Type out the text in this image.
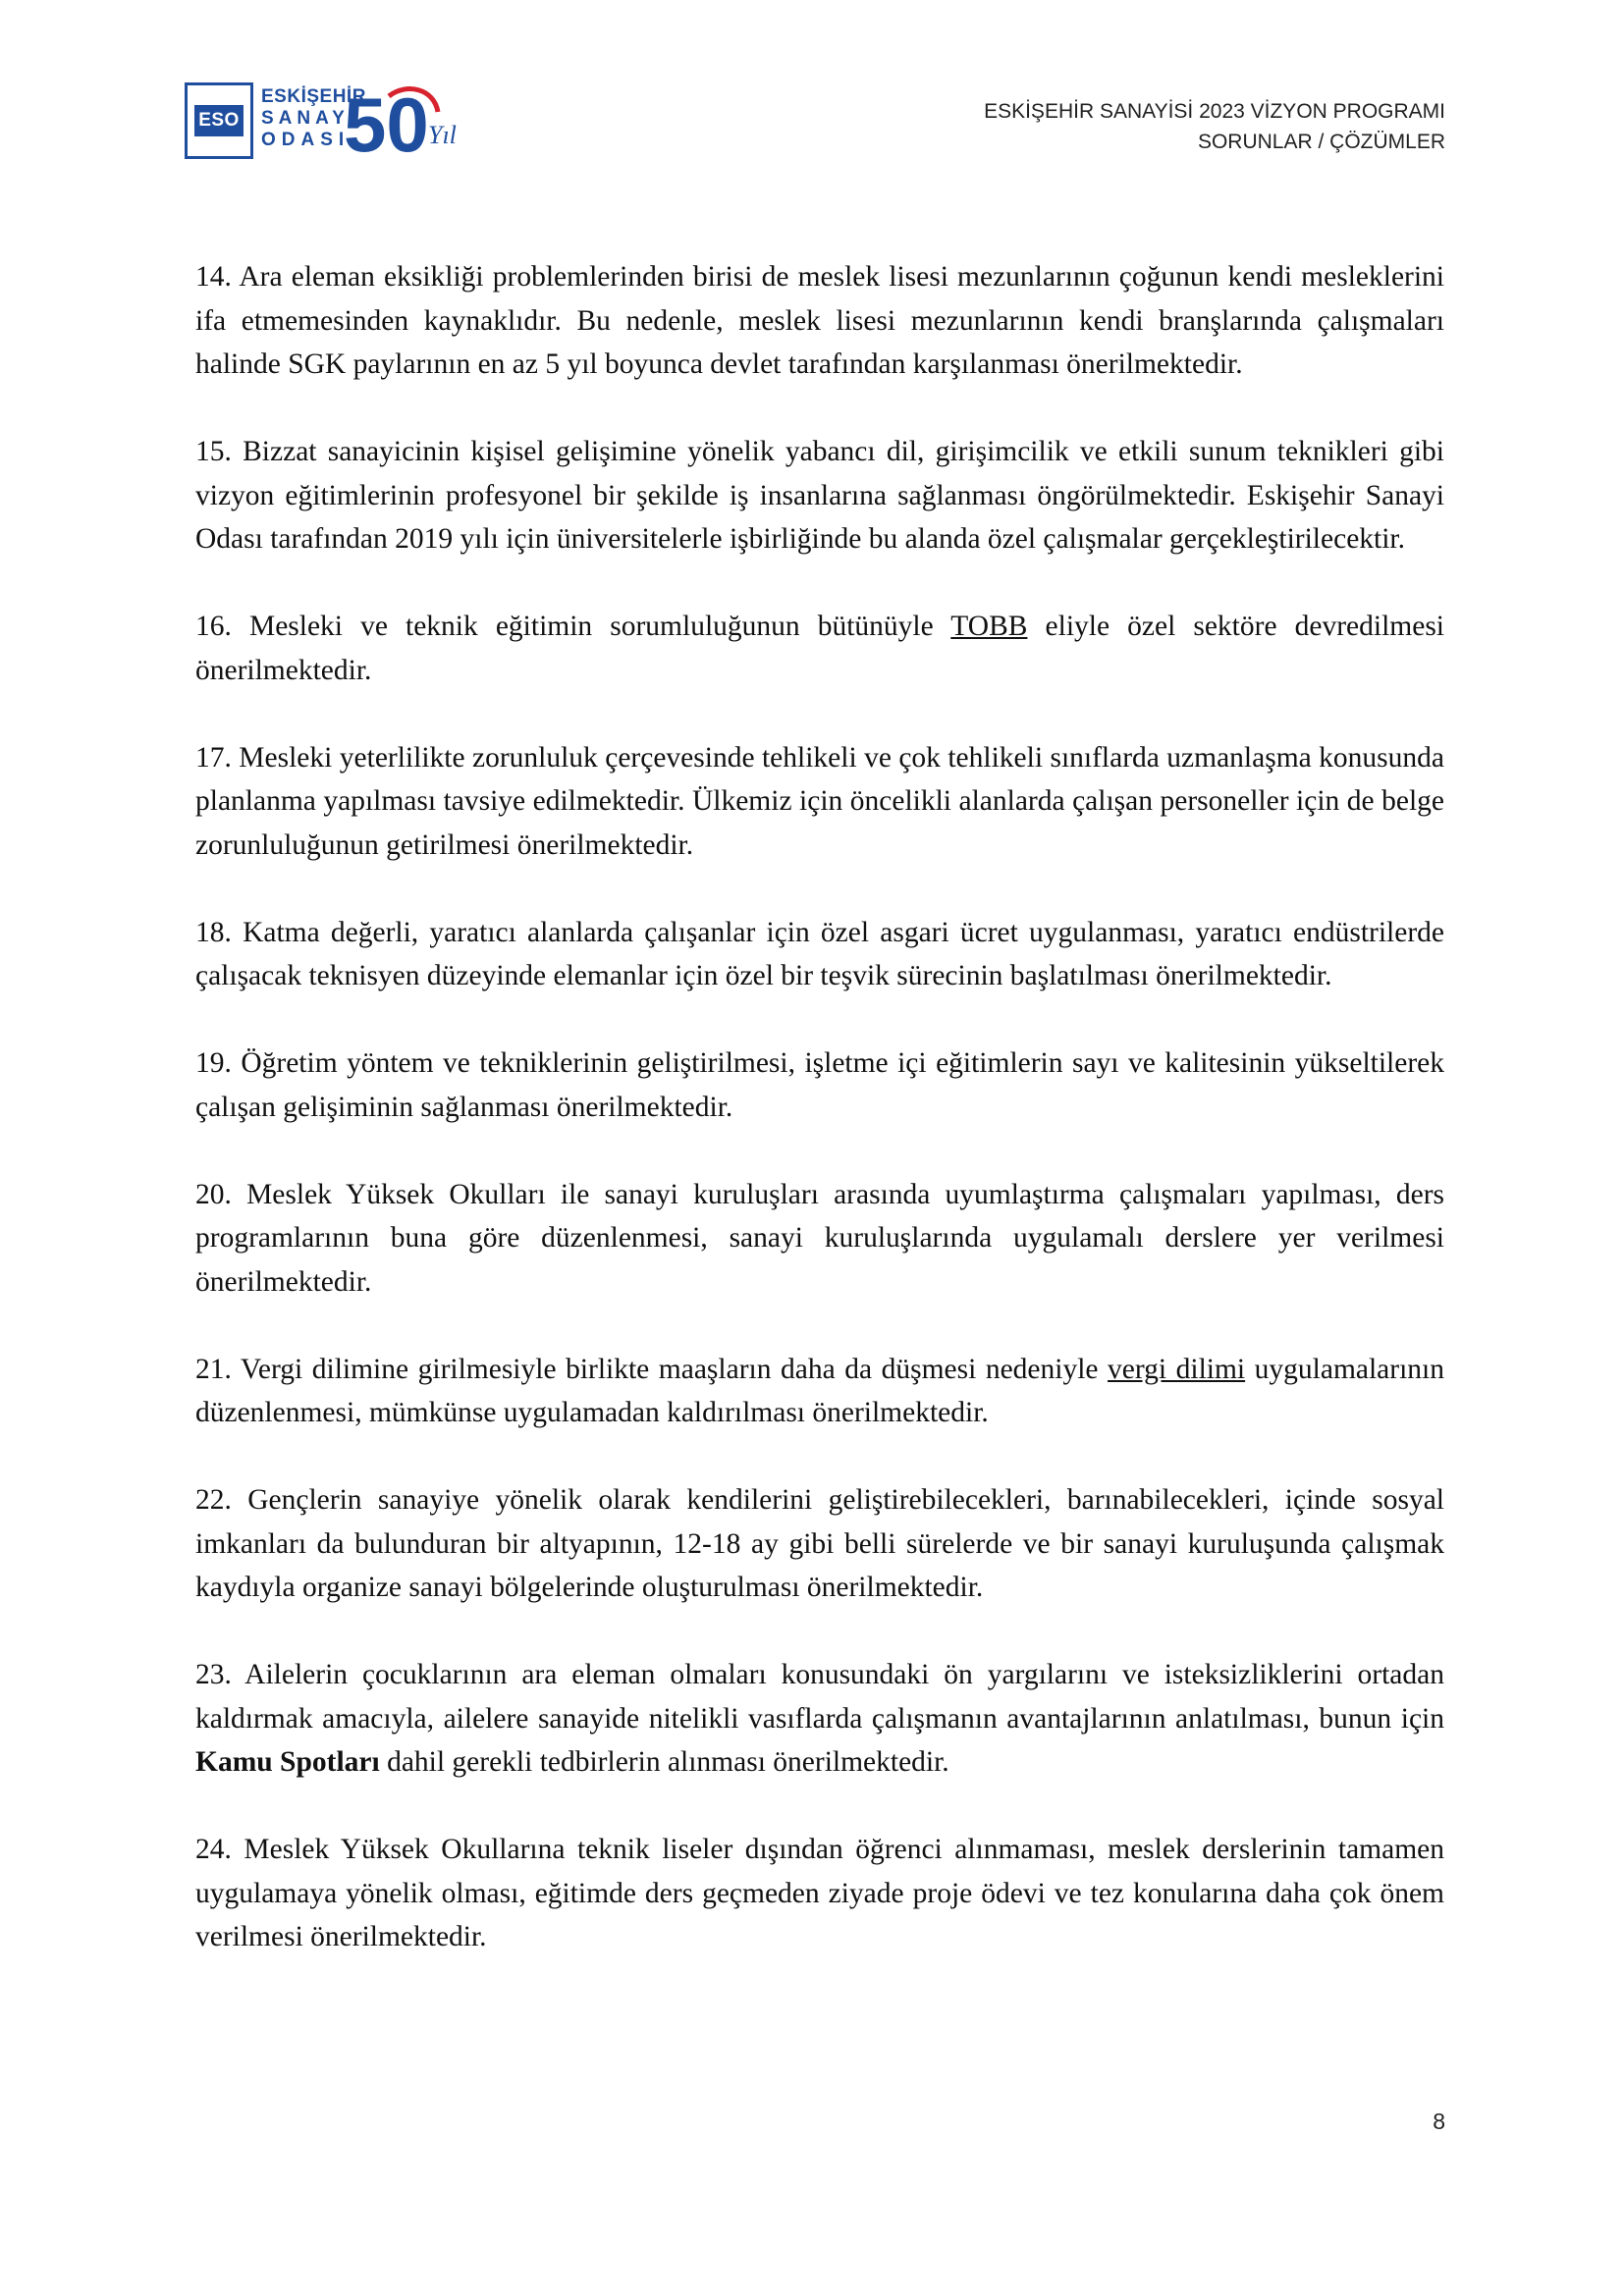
ESO
ESKİŞEHİR
SANAYİ
ODASI
50 Yıl
ESKİŞEHİR SANAYİSİ 2023 VİZYON PROGRAMI
SORUNLAR / ÇÖZÜMLER

14. Ara eleman eksikliği problemlerinden birisi de meslek lisesi mezunlarının çoğunun kendi mesleklerini ifa etmemesinden kaynaklıdır. Bu nedenle, meslek lisesi mezunlarının kendi branşlarında çalışmaları halinde SGK paylarının en az 5 yıl boyunca devlet tarafından karşılanması önerilmektedir.

15. Bizzat sanayicinin kişisel gelişimine yönelik yabancı dil, girişimcilik ve etkili sunum teknikleri gibi vizyon eğitimlerinin profesyonel bir şekilde iş insanlarına sağlanması öngörülmektedir. Eskişehir Sanayi Odası tarafından 2019 yılı için üniversitelerle işbirliğinde bu alanda özel çalışmalar gerçekleştirilecektir.

16. Mesleki ve teknik eğitimin sorumluluğunun bütünüyle TOBB eliyle özel sektöre devredilmesi önerilmektedir.

17. Mesleki yeterlilikte zorunluluk çerçevesinde tehlikeli ve çok tehlikeli sınıflarda uzmanlaşma konusunda planlanma yapılması tavsiye edilmektedir. Ülkemiz için öncelikli alanlarda çalışan personeller için de belge zorunluluğunun getirilmesi önerilmektedir.

18. Katma değerli, yaratıcı alanlarda çalışanlar için özel asgari ücret uygulanması, yaratıcı endüstrilerde çalışacak teknisyen düzeyinde elemanlar için özel bir teşvik sürecinin başlatılması önerilmektedir.

19. Öğretim yöntem ve tekniklerinin geliştirilmesi, işletme içi eğitimlerin sayı ve kalitesinin yükseltilerek çalışan gelişiminin sağlanması önerilmektedir.

20. Meslek Yüksek Okulları ile sanayi kuruluşları arasında uyumlaştırma çalışmaları yapılması, ders programlarının buna göre düzenlenmesi, sanayi kuruluşlarında uygulamalı derslere yer verilmesi önerilmektedir.

21. Vergi dilimine girilmesiyle birlikte maaşların daha da düşmesi nedeniyle vergi dilimi uygulamalarının düzenlenmesi, mümkünse uygulamadan kaldırılması önerilmektedir.

22. Gençlerin sanayiye yönelik olarak kendilerini geliştirebilecekleri, barınabilecekleri, içinde sosyal imkanları da bulunduran bir altyapının, 12-18 ay gibi belli sürelerde ve bir sanayi kuruluşunda çalışmak kaydıyla organize sanayi bölgelerinde oluşturulması önerilmektedir.

23. Ailelerin çocuklarının ara eleman olmaları konusundaki ön yargılarını ve isteksizliklerini ortadan kaldırmak amacıyla, ailelere sanayide nitelikli vasıflarda çalışmanın avantajlarının anlatılması, bunun için Kamu Spotları dahil gerekli tedbirlerin alınması önerilmektedir.

24. Meslek Yüksek Okullarına teknik liseler dışından öğrenci alınmaması, meslek derslerinin tamamen uygulamaya yönelik olması, eğitimde ders geçmeden ziyade proje ödevi ve tez konularına daha çok önem verilmesi önerilmektedir.

8
